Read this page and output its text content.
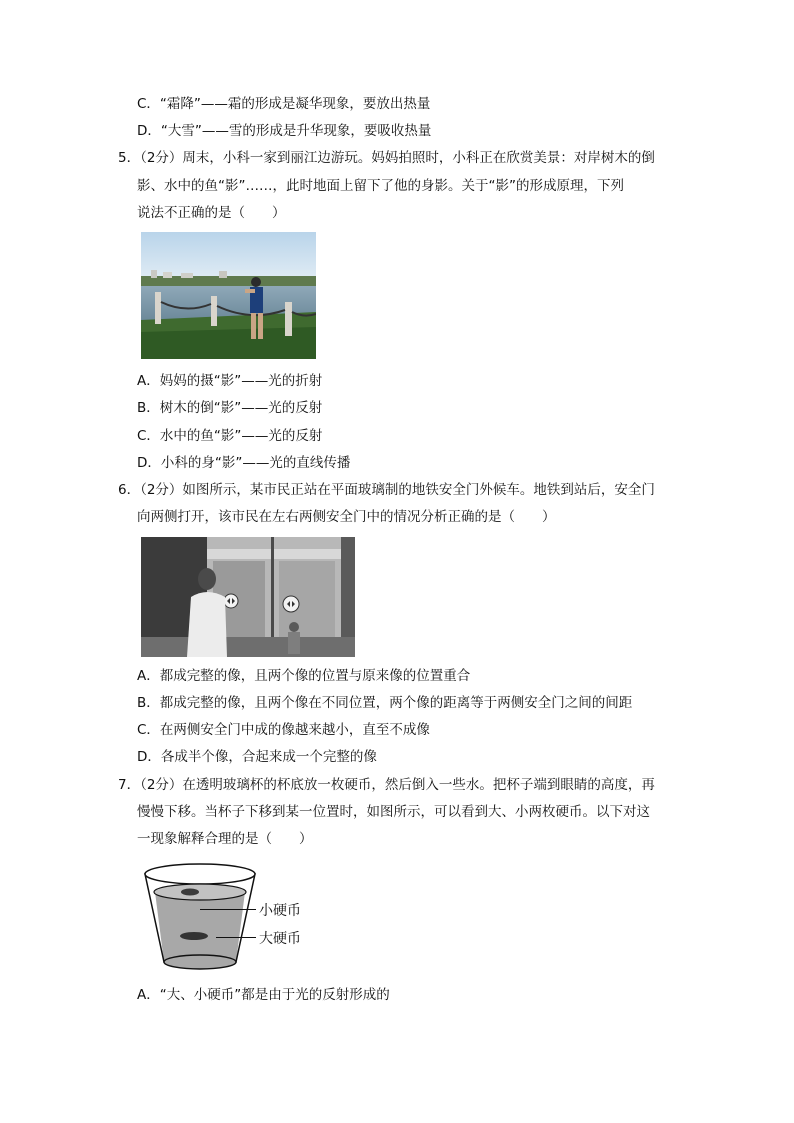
C．“霜降”——霜的形成是凝华现象，要放出热量
D．“大雪”——雪的形成是升华现象，要吸收热量
5．（2分）周末，小科一家到丽江边游玩。妈妈拍照时，小科正在欣赏美景：对岸树木的倒
影、水中的鱼“影”……，此时地面上留下了他的身影。关于“影”的形成原理，下列
说法不正确的是（　　）
A．妈妈的摄“影”——光的折射
B．树木的倒“影”——光的反射
C．水中的鱼“影”——光的反射
D．小科的身“影”——光的直线传播
6．（2分）如图所示，某市民正站在平面玻璃制的地铁安全门外候车。地铁到站后，安全门
向两侧打开，该市民在左右两侧安全门中的情况分析正确的是（　　）
A．都成完整的像，且两个像的位置与原来像的位置重合
B．都成完整的像，且两个像在不同位置，两个像的距离等于两侧安全门之间的间距
C．在两侧安全门中成的像越来越小，直至不成像
D．各成半个像，合起来成一个完整的像
7．（2分）在透明玻璃杯的杯底放一枚硬币，然后倒入一些水。把杯子端到眼睛的高度，再
慢慢下移。当杯子下移到某一位置时，如图所示，可以看到大、小两枚硬币。以下对这
一现象解释合理的是（　　）
小硬币
大硬币
A．“大、小硬币”都是由于光的反射形成的
